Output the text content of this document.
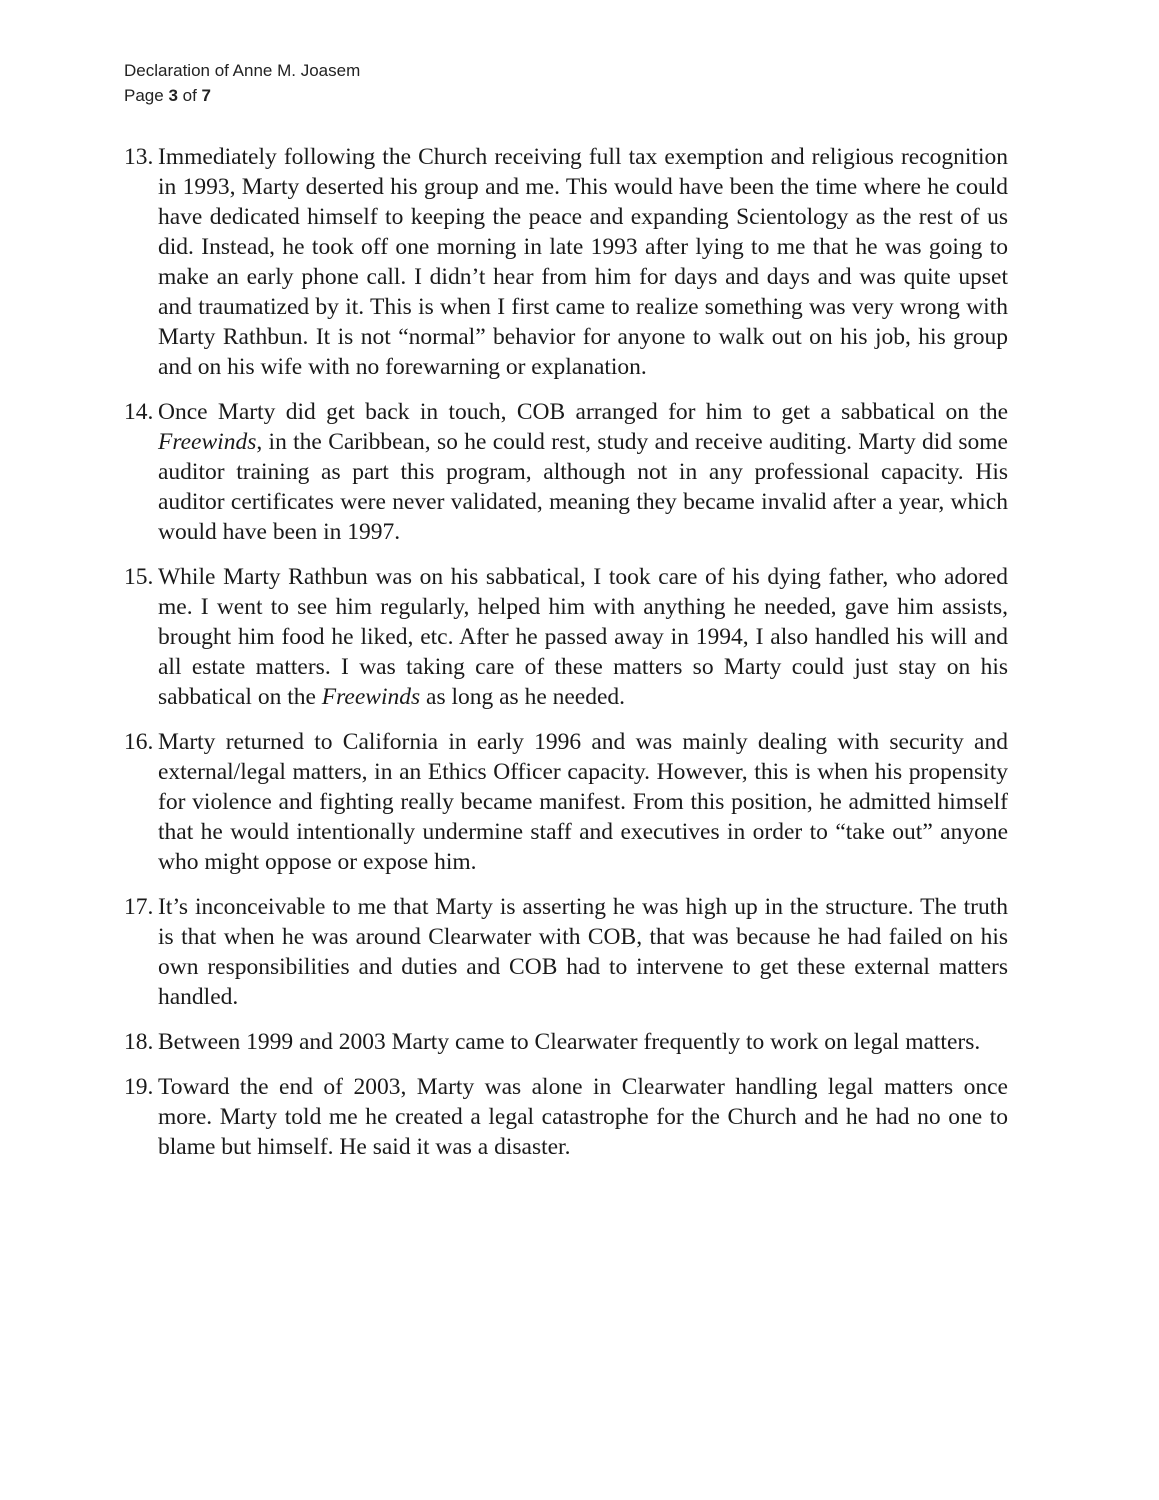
Declaration of Anne M. Joasem
Page 3 of 7
13. Immediately following the Church receiving full tax exemption and religious recognition in 1993, Marty deserted his group and me. This would have been the time where he could have dedicated himself to keeping the peace and expanding Scientology as the rest of us did. Instead, he took off one morning in late 1993 after lying to me that he was going to make an early phone call. I didn’t hear from him for days and days and was quite upset and traumatized by it. This is when I first came to realize something was very wrong with Marty Rathbun. It is not “normal” behavior for anyone to walk out on his job, his group and on his wife with no forewarning or explanation.
14. Once Marty did get back in touch, COB arranged for him to get a sabbatical on the Freewinds, in the Caribbean, so he could rest, study and receive auditing. Marty did some auditor training as part this program, although not in any professional capacity. His auditor certificates were never validated, meaning they became invalid after a year, which would have been in 1997.
15. While Marty Rathbun was on his sabbatical, I took care of his dying father, who adored me. I went to see him regularly, helped him with anything he needed, gave him assists, brought him food he liked, etc. After he passed away in 1994, I also handled his will and all estate matters. I was taking care of these matters so Marty could just stay on his sabbatical on the Freewinds as long as he needed.
16. Marty returned to California in early 1996 and was mainly dealing with security and external/legal matters, in an Ethics Officer capacity. However, this is when his propensity for violence and fighting really became manifest. From this position, he admitted himself that he would intentionally undermine staff and executives in order to “take out” anyone who might oppose or expose him.
17. It’s inconceivable to me that Marty is asserting he was high up in the structure. The truth is that when he was around Clearwater with COB, that was because he had failed on his own responsibilities and duties and COB had to intervene to get these external matters handled.
18. Between 1999 and 2003 Marty came to Clearwater frequently to work on legal matters.
19. Toward the end of 2003, Marty was alone in Clearwater handling legal matters once more. Marty told me he created a legal catastrophe for the Church and he had no one to blame but himself. He said it was a disaster.
